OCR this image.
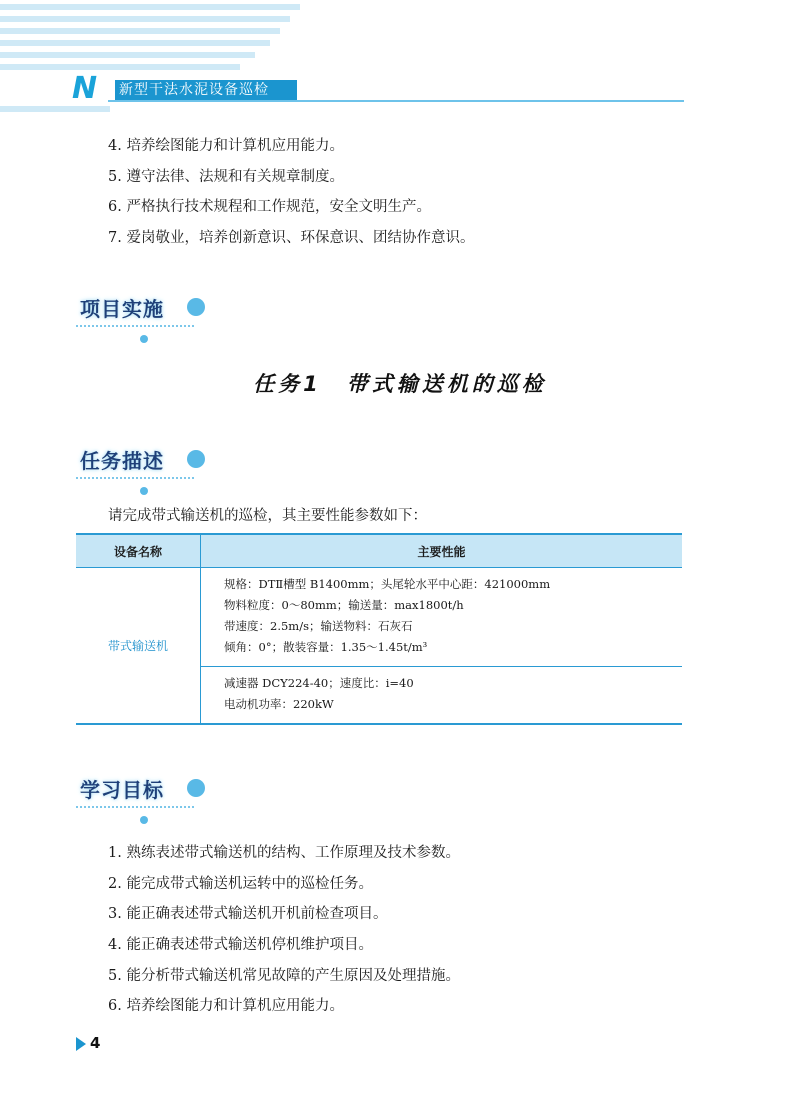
N	新型干法水泥设备巡检
4. 培养绘图能力和计算机应用能力。
5. 遵守法律、法规和有关规章制度。
6. 严格执行技术规程和工作规范，安全文明生产。
7. 爱岗敬业，培养创新意识、环保意识、团结协作意识。
项目实施
任务1　带式输送机的巡检
任务描述
请完成带式输送机的巡检，其主要性能参数如下：
设备名称	主要性能
带式输送机	规格：DTⅡ槽型 B1400mm；头尾轮水平中心距：421000mm
物料粒度：0～80mm；输送量：max1800t/h
带速度：2.5m/s；输送物料：石灰石
倾角：0°；散装容量：1.35～1.45t/m³

	减速器 DCY224-40；速度比：i=40
电动机功率：220kW
学习目标
1. 熟练表述带式输送机的结构、工作原理及技术参数。
2. 能完成带式输送机运转中的巡检任务。
3. 能正确表述带式输送机开机前检查项目。
4. 能正确表述带式输送机停机维护项目。
5. 能分析带式输送机常见故障的产生原因及处理措施。
6. 培养绘图能力和计算机应用能力。
4
